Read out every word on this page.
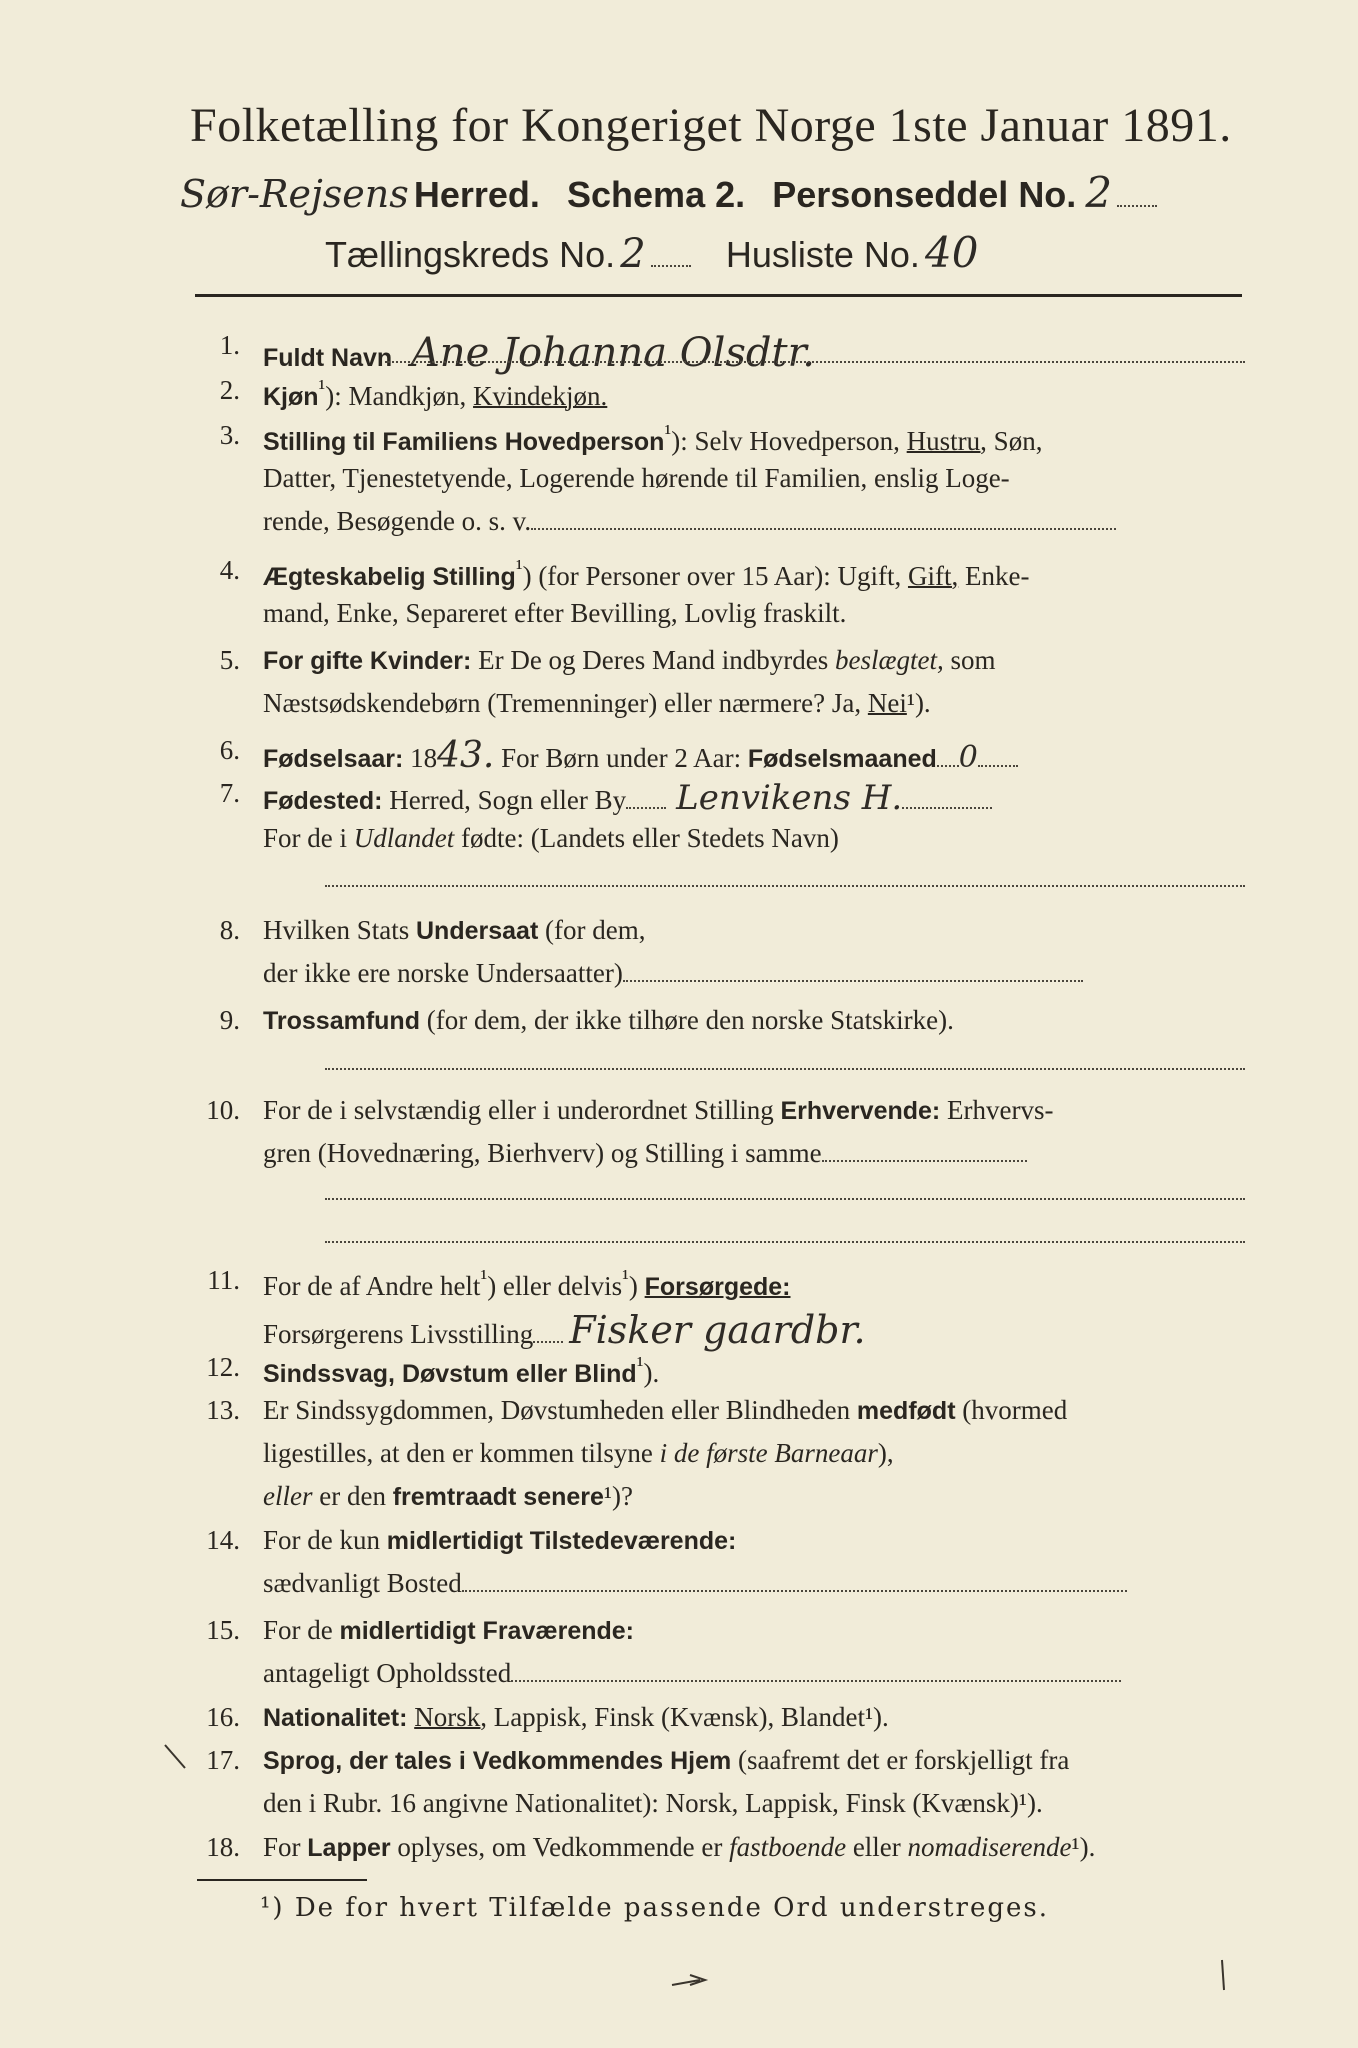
Folketælling for Kongeriget Norge 1ste Januar 1891.
Sør-Rejsens Herred. Schema 2. Personseddel No. 2
Tællingskreds No. 2 Husliste No. 40
1. Fuldt Navn Ane Johanna Olsdtr.
2. Kjøn$^{^1}$): Mandkjøn, Kvindekjøn.
3. Stilling til Familiens Hovedperson$^{^1}$): Selv Hovedperson, Hustru, Søn,
Datter, Tjenestetyende, Logerende hørende til Familien, enslig Loge-
rende, Besøgende o. s. v.
4. Ægteskabelig Stilling$^{^1}$) (for Personer over 15 Aar): Ugift, Gift, Enke-
mand, Enke, Separeret efter Bevilling, Lovlig fraskilt.
5. For gifte Kvinder: Er De og Deres Mand indbyrdes beslægtet, som
Næstsødskendebørn (Tremenninger) eller nærmere? Ja, Nei¹).
6. Fødselsaar: 1843. For Børn under 2 Aar: Fødselsmaaned 0
7. Fødested: Herred, Sogn eller By Lenvikens H.
For de i Udlandet fødte: (Landets eller Stedets Navn)
8. Hvilken Stats Undersaat (for dem,
der ikke ere norske Undersaatter)
9. Trossamfund (for dem, der ikke tilhøre den norske Statskirke).
10. For de i selvstændig eller i underordnet Stilling Erhvervende: Erhvervs-
gren (Hovednæring, Bierhverv) og Stilling i samme
11. For de af Andre helt$^{^1}$) eller delvis$^{^1}$) Forsørgede:
Forsørgerens Livsstilling Fisker gaardbr.
12. Sindssvag, Døvstum eller Blind$^{^1}$).
13. Er Sindssygdommen, Døvstumheden eller Blindheden medfødt (hvormed
ligestilles, at den er kommen tilsyne i de første Barneaar),
eller er den fremtraadt senere¹)?
14. For de kun midlertidigt Tilstedeværende:
sædvanligt Bosted
15. For de midlertidigt Fraværende:
antageligt Opholdssted
16. Nationalitet: Norsk, Lappisk, Finsk (Kvænsk), Blandet¹).
17. Sprog, der tales i Vedkommendes Hjem (saafremt det er forskjelligt fra
den i Rubr. 16 angivne Nationalitet): Norsk, Lappisk, Finsk (Kvænsk)¹).
18. For Lapper oplyses, om Vedkommende er fastboende eller nomadiserende¹).
¹) De for hvert Tilfælde passende Ord understreges.
